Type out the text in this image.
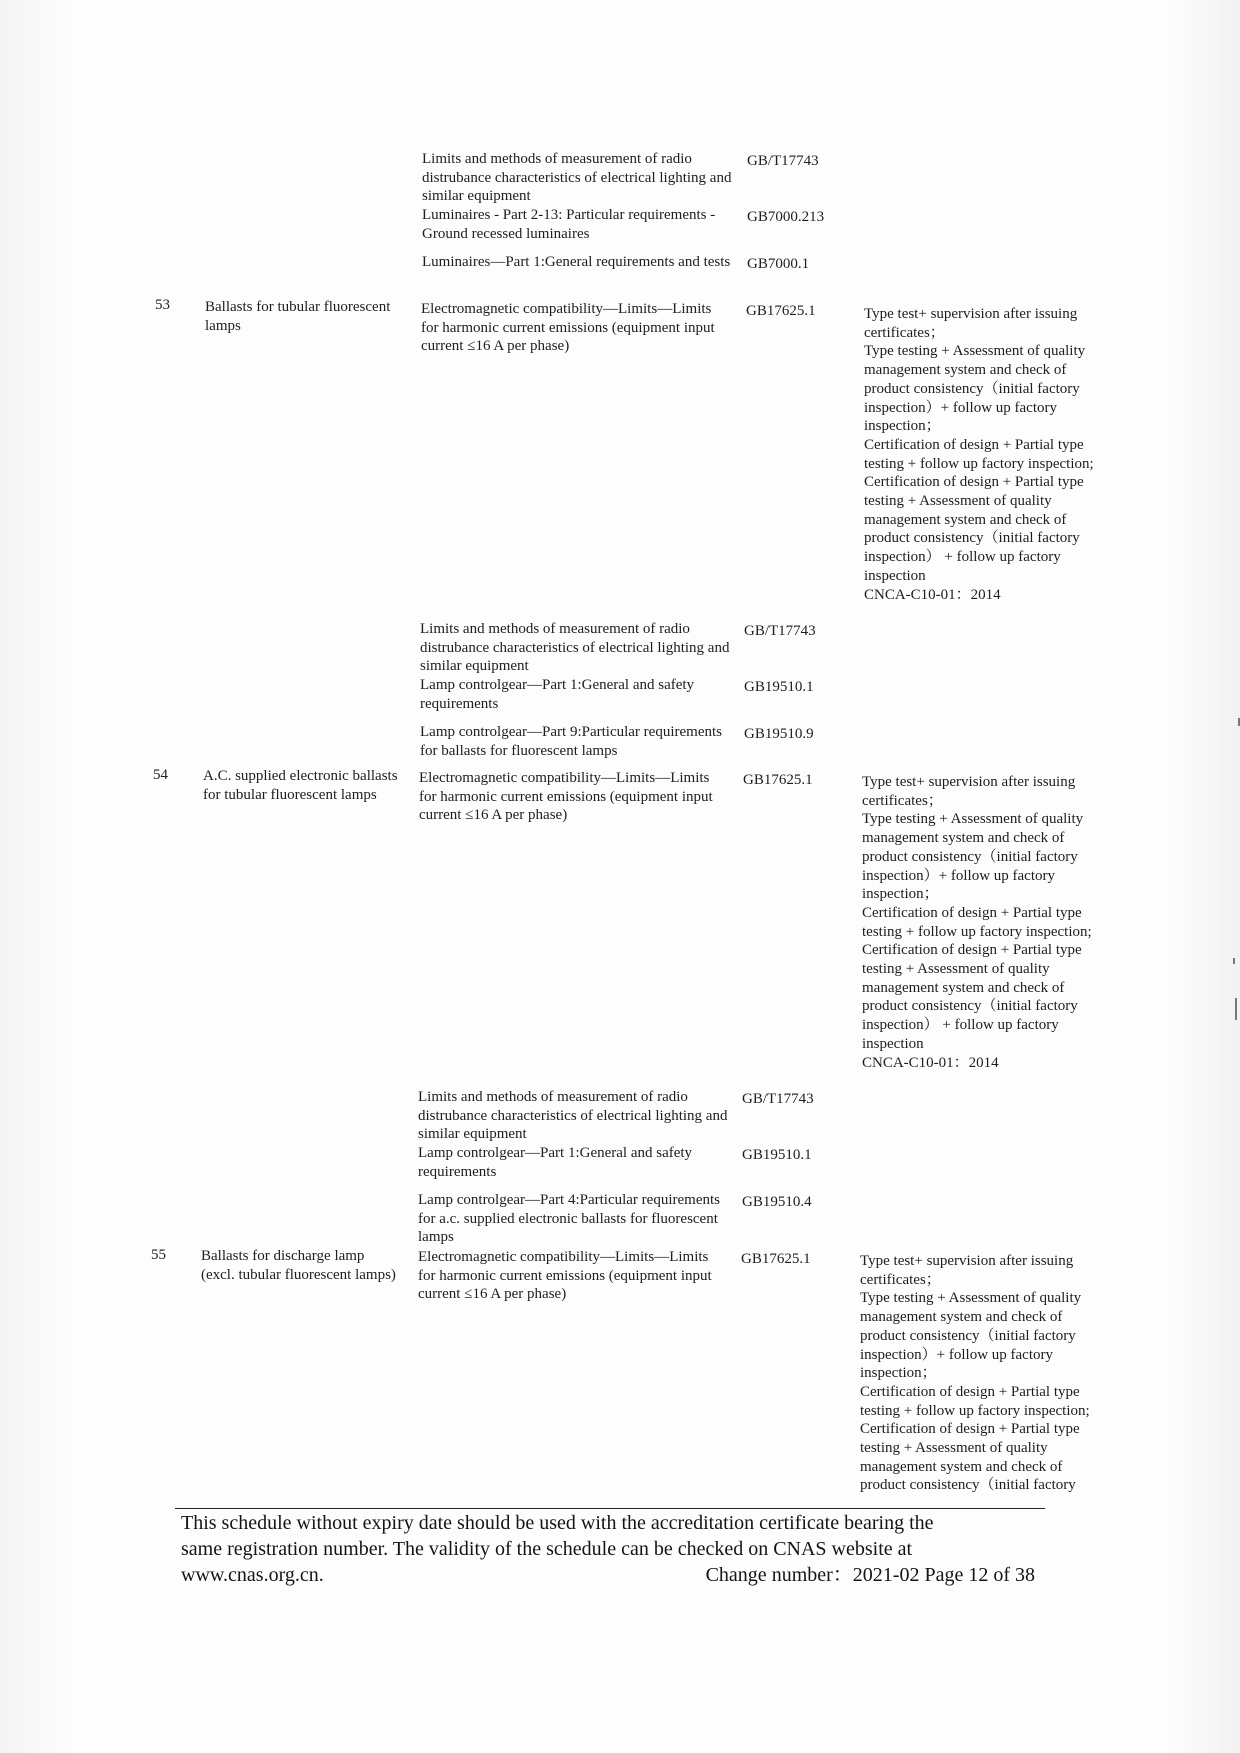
Limits and methods of measurement of radio distrubance characteristics of electrical lighting and similar equipment
GB/T17743
Luminaires - Part 2-13: Particular requirements - Ground recessed luminaires
GB7000.213
Luminaires—Part 1:General requirements and tests GB7000.1
53	Ballasts for tubular fluorescent lamps
Electromagnetic compatibility—Limits—Limits for harmonic current emissions (equipment input current ≤16 A per phase)
GB17625.1	Type test+ supervision after issuing certificates；
Type testing + Assessment of quality management system and check of product consistency（initial factory inspection）+ follow up factory inspection；
Certification of design + Partial type testing + follow up factory inspection;
Certification of design + Partial type testing + Assessment of quality management system and check of product consistency（initial factory inspection） + follow up factory inspection
CNCA-C10-01：2014
Limits and methods of measurement of radio distrubance characteristics of electrical lighting and similar equipment
GB/T17743
Lamp controlgear—Part 1:General and safety requirements
GB19510.1
Lamp controlgear—Part 9:Particular requirements for ballasts for fluorescent lamps
GB19510.9
54	A.C. supplied electronic ballasts for tubular fluorescent lamps
Electromagnetic compatibility—Limits—Limits for harmonic current emissions (equipment input current ≤16 A per phase)
GB17625.1	Type test+ supervision after issuing certificates；
Type testing + Assessment of quality management system and check of product consistency（initial factory inspection）+ follow up factory inspection；
Certification of design + Partial type testing + follow up factory inspection;
Certification of design + Partial type testing + Assessment of quality management system and check of product consistency（initial factory inspection） + follow up factory inspection
CNCA-C10-01：2014
Limits and methods of measurement of radio distrubance characteristics of electrical lighting and similar equipment
GB/T17743
Lamp controlgear—Part 1:General and safety requirements
GB19510.1
Lamp controlgear—Part 4:Particular requirements for a.c. supplied electronic ballasts for fluorescent lamps
GB19510.4
55	Ballasts for discharge lamp (excl. tubular fluorescent lamps)
Electromagnetic compatibility—Limits—Limits for harmonic current emissions (equipment input current ≤16 A per phase)
GB17625.1	Type test+ supervision after issuing certificates；
Type testing + Assessment of quality management system and check of product consistency（initial factory inspection）+ follow up factory inspection；
Certification of design + Partial type testing + follow up factory inspection;
Certification of design + Partial type testing + Assessment of quality management system and check of product consistency（initial factory
This schedule without expiry date should be used with the accreditation certificate bearing the
same registration number. The validity of the schedule can be checked on CNAS website at
www.cnas.org.cn.	Change number：2021-02 Page 12 of 38
